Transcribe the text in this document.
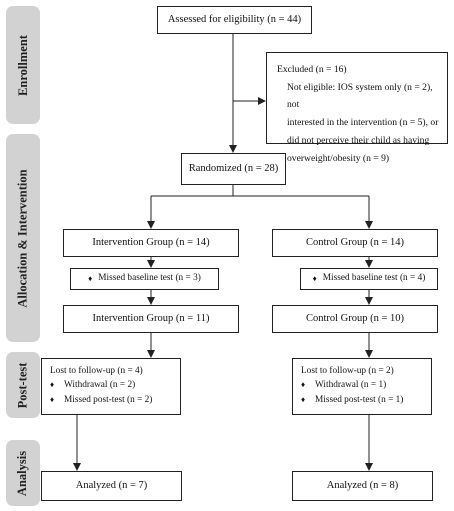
Enrollment
Allocation & Intervention
Post-test
Analysis
Assessed for eligibility (n = 44)
Excluded (n = 16)
Not eligible: IOS system only (n = 2), not
interested in the intervention (n = 5), or
did not perceive their child as having
overweight/obesity (n = 9)
Randomized (n = 28)
Intervention Group (n = 14)	Control Group (n = 14)
♦ Missed baseline test (n = 3)	♦ Missed baseline test (n = 4)
Intervention Group (n = 11)	Control Group (n = 10)
Lost to follow-up (n = 4)
♦ Withdrawal (n = 2)
♦ Missed post-test (n = 2)
Lost to follow-up (n = 2)
♦ Withdrawal (n = 1)
♦ Missed post-test (n = 1)
Analyzed (n = 7)	Analyzed (n = 8)
